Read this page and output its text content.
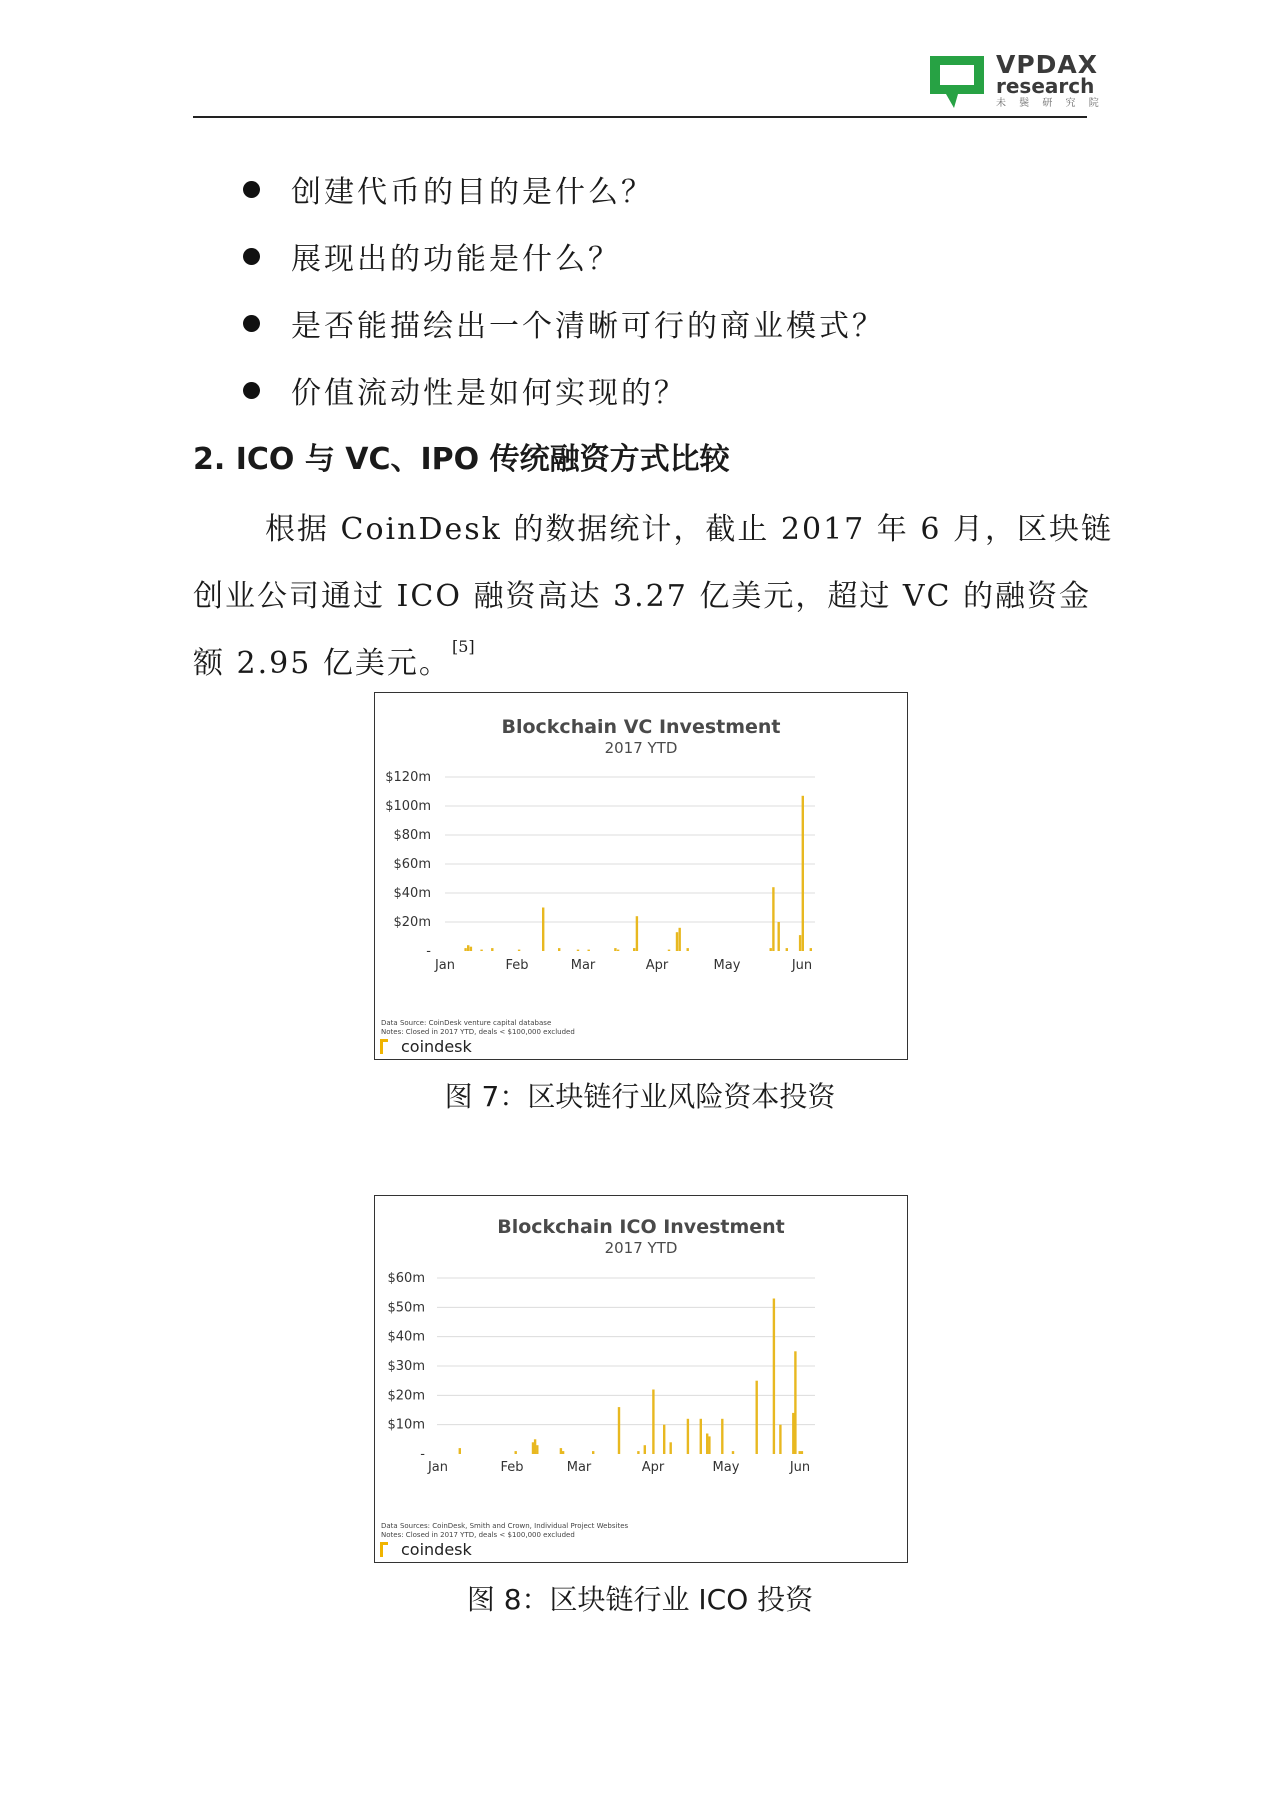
VPDAX
research
未 鬓 研 究 院
创建代币的目的是什么？
展现出的功能是什么？
是否能描绘出一个清晰可行的商业模式？
价值流动性是如何实现的？
2. ICO 与 VC、IPO 传统融资方式比较
根据 CoinDesk 的数据统计，截止 2017 年 6 月，区块链
创业公司通过 ICO 融资高达 3.27 亿美元，超过 VC 的融资金
额 2.95 亿美元。 [5]
Blockchain VC Investment
2017 YTD
-
$20m
$40m
$60m
$80m
$100m
$120m
Jan	Feb	Mar	Apr	May	Jun
Data Source: CoinDesk venture capital database
Notes: Closed in 2017 YTD, deals < $100,000 excluded
coindesk
图 7：区块链行业风险资本投资
Blockchain ICO Investment
2017 YTD
-
$10m
$20m
$30m
$40m
$50m
$60m
Jan	Feb	Mar	Apr	May	Jun
Data Sources: CoinDesk, Smith and Crown, Individual Project Websites
Notes: Closed in 2017 YTD, deals < $100,000 excluded
coindesk
图 8：区块链行业 ICO 投资
